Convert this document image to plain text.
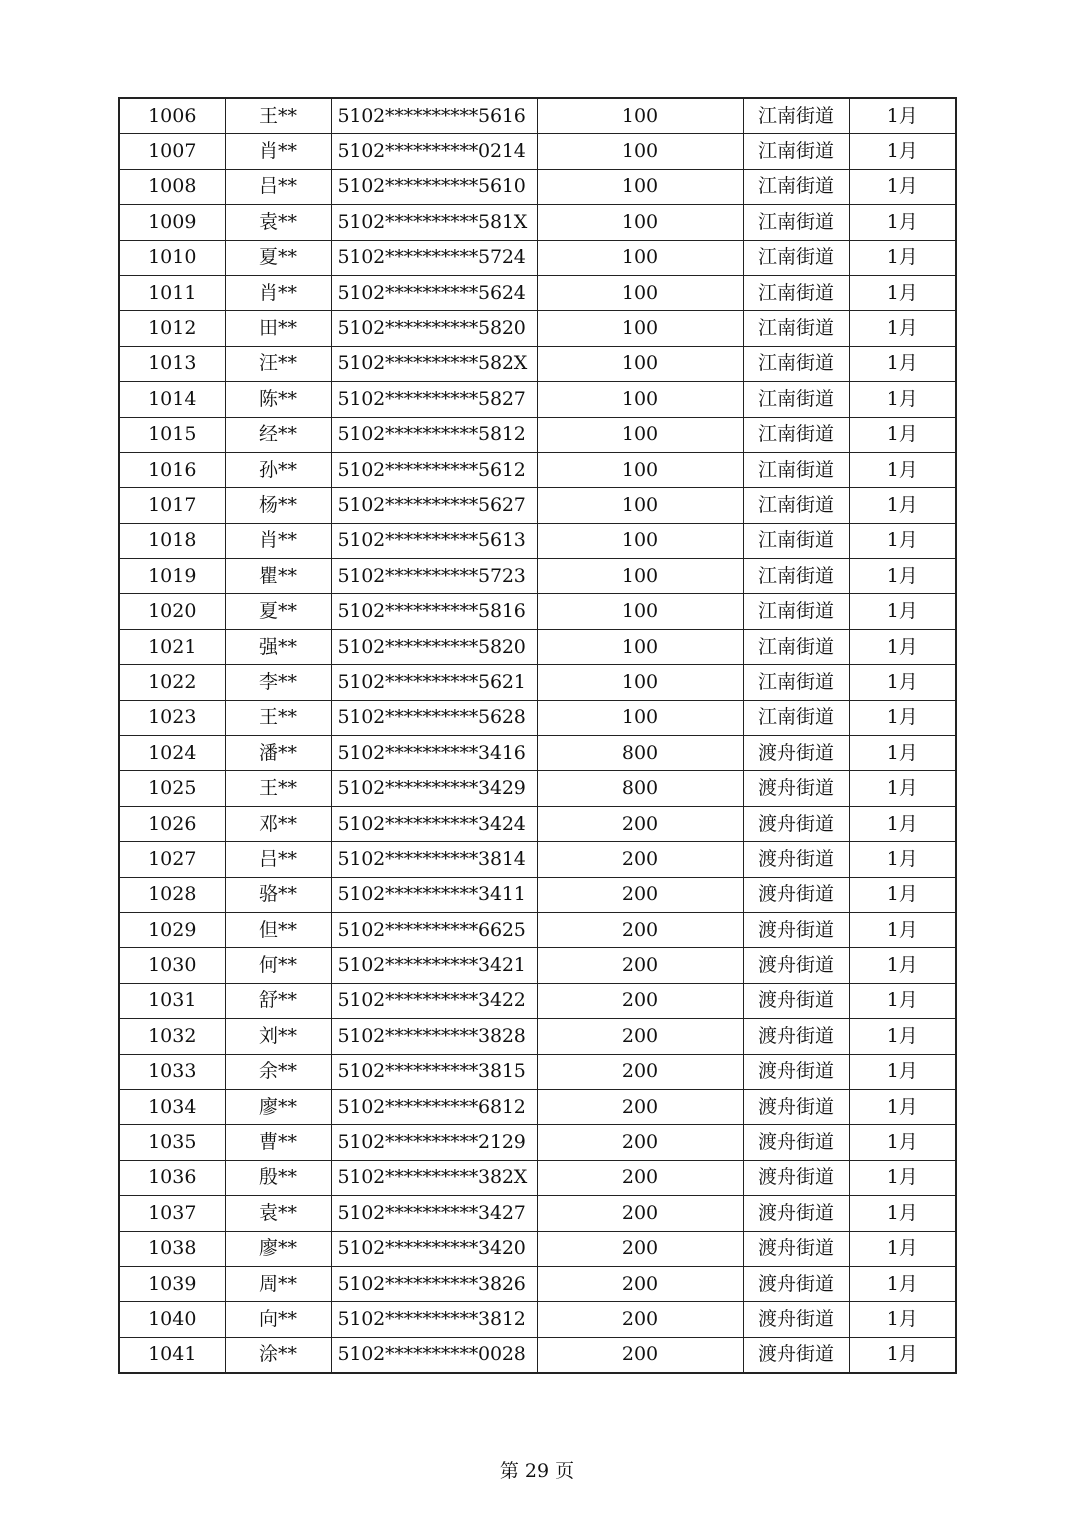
1006	王**	5102**********5616	100	江南街道	1月
1007	肖**	5102**********0214	100	江南街道	1月
1008	吕**	5102**********5610	100	江南街道	1月
1009	袁**	5102**********581X	100	江南街道	1月
1010	夏**	5102**********5724	100	江南街道	1月
1011	肖**	5102**********5624	100	江南街道	1月
1012	田**	5102**********5820	100	江南街道	1月
1013	汪**	5102**********582X	100	江南街道	1月
1014	陈**	5102**********5827	100	江南街道	1月
1015	经**	5102**********5812	100	江南街道	1月
1016	孙**	5102**********5612	100	江南街道	1月
1017	杨**	5102**********5627	100	江南街道	1月
1018	肖**	5102**********5613	100	江南街道	1月
1019	瞿**	5102**********5723	100	江南街道	1月
1020	夏**	5102**********5816	100	江南街道	1月
1021	强**	5102**********5820	100	江南街道	1月
1022	李**	5102**********5621	100	江南街道	1月
1023	王**	5102**********5628	100	江南街道	1月
1024	潘**	5102**********3416	800	渡舟街道	1月
1025	王**	5102**********3429	800	渡舟街道	1月
1026	邓**	5102**********3424	200	渡舟街道	1月
1027	吕**	5102**********3814	200	渡舟街道	1月
1028	骆**	5102**********3411	200	渡舟街道	1月
1029	但**	5102**********6625	200	渡舟街道	1月
1030	何**	5102**********3421	200	渡舟街道	1月
1031	舒**	5102**********3422	200	渡舟街道	1月
1032	刘**	5102**********3828	200	渡舟街道	1月
1033	余**	5102**********3815	200	渡舟街道	1月
1034	廖**	5102**********6812	200	渡舟街道	1月
1035	曹**	5102**********2129	200	渡舟街道	1月
1036	殷**	5102**********382X	200	渡舟街道	1月
1037	袁**	5102**********3427	200	渡舟街道	1月
1038	廖**	5102**********3420	200	渡舟街道	1月
1039	周**	5102**********3826	200	渡舟街道	1月
1040	向**	5102**********3812	200	渡舟街道	1月
1041	涂**	5102**********0028	200	渡舟街道	1月
第 29 页
